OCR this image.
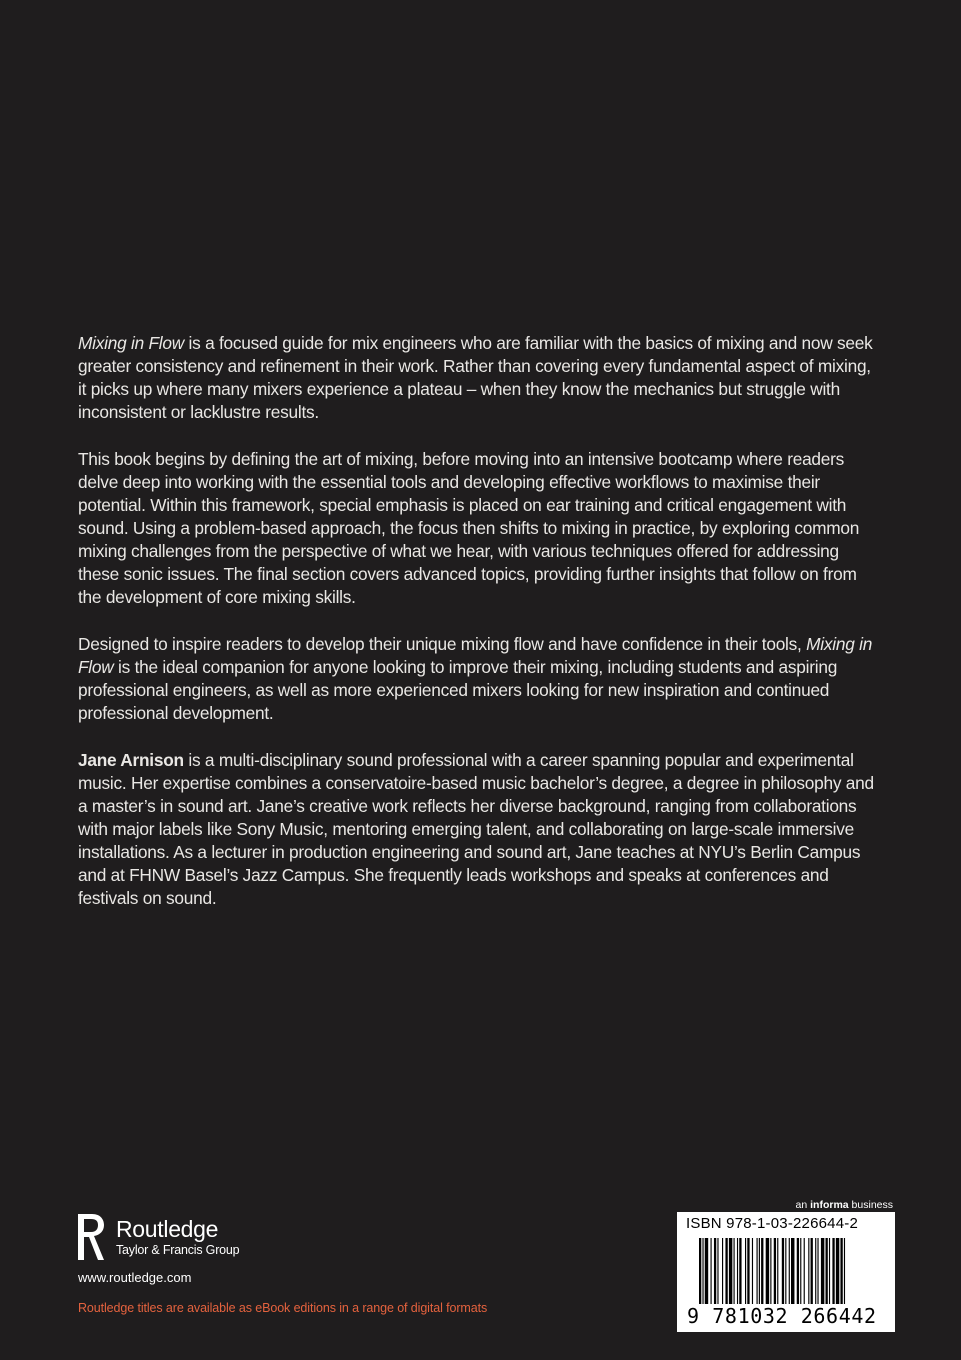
Mixing in Flow is a focused guide for mix engineers who are familiar with the basics of mixing and now seek greater consistency and refinement in their work. Rather than covering every fundamental aspect of mixing, it picks up where many mixers experience a plateau – when they know the mechanics but struggle with inconsistent or lacklustre results.

This book begins by defining the art of mixing, before moving into an intensive bootcamp where readers delve deep into working with the essential tools and developing effective workflows to maximise their potential. Within this framework, special emphasis is placed on ear training and critical engagement with sound. Using a problem-based approach, the focus then shifts to mixing in practice, by exploring common mixing challenges from the perspective of what we hear, with various techniques offered for addressing these sonic issues. The final section covers advanced topics, providing further insights that follow on from the development of core mixing skills.

Designed to inspire readers to develop their unique mixing flow and have confidence in their tools, Mixing in Flow is the ideal companion for anyone looking to improve their mixing, including students and aspiring professional engineers, as well as more experienced mixers looking for new inspiration and continued professional development.

Jane Arnison is a multi-disciplinary sound professional with a career spanning popular and experimental music. Her expertise combines a conservatoire-based music bachelor’s degree, a degree in philosophy and a master’s in sound art. Jane’s creative work reflects her diverse background, ranging from collaborations with major labels like Sony Music, mentoring emerging talent, and collaborating on large-scale immersive installations. As a lecturer in production engineering and sound art, Jane teaches at NYU’s Berlin Campus and at FHNW Basel’s Jazz Campus. She frequently leads workshops and speaks at conferences and festivals on sound.

Routledge
Taylor & Francis Group
www.routledge.com
Routledge titles are available as eBook editions in a range of digital formats
an informa business
ISBN 978-1-03-226644-2
9 781032 266442
